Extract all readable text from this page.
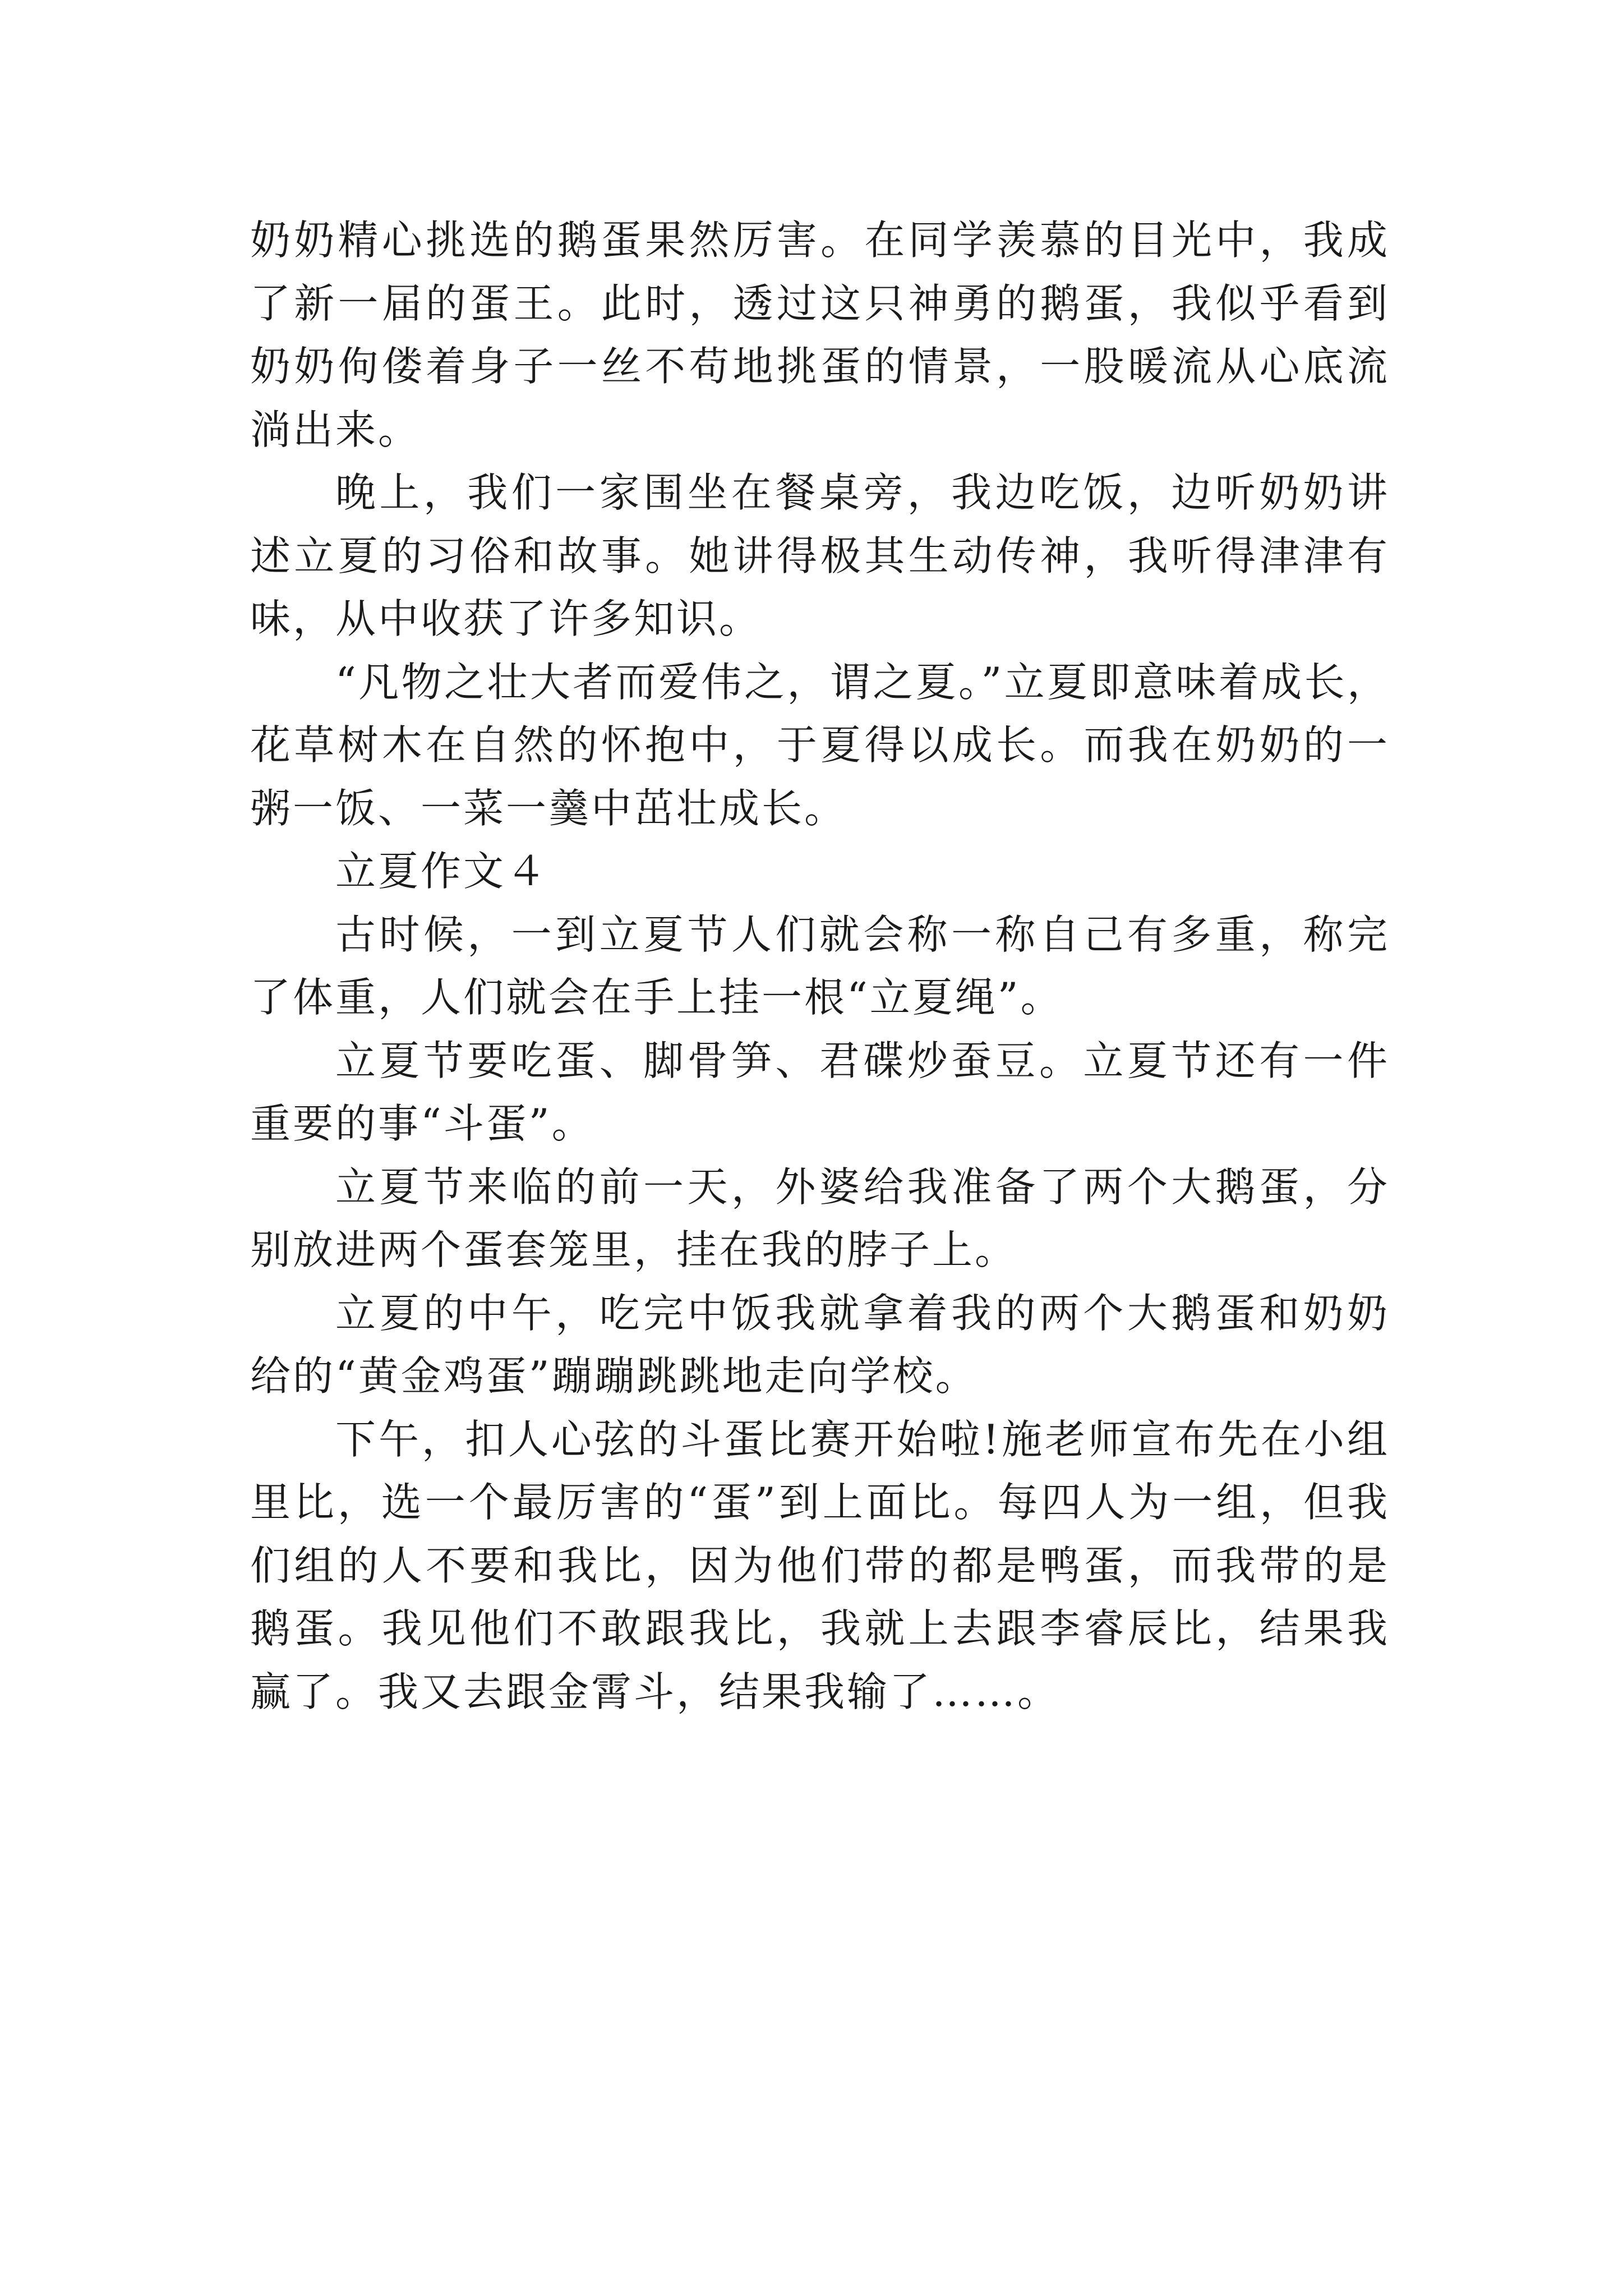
奶奶精心挑选的鹅蛋果然厉害。在同学羡慕的目光中，我成了新一届的蛋王。此时，透过这只神勇的鹅蛋，我似乎看到奶奶佝偻着身子一丝不苟地挑蛋的情景，一股暖流从心底流淌出来。

晚上，我们一家围坐在餐桌旁，我边吃饭，边听奶奶讲述立夏的习俗和故事。她讲得极其生动传神，我听得津津有味，从中收获了许多知识。

“凡物之壮大者而爱伟之，谓之夏。”立夏即意味着成长，花草树木在自然的怀抱中，于夏得以成长。而我在奶奶的一粥一饭、一菜一羹中茁壮成长。

立夏作文４

古时候，一到立夏节人们就会称一称自己有多重，称完了体重，人们就会在手上挂一根“立夏绳”。

立夏节要吃蛋、脚骨笋、君碟炒蚕豆。立夏节还有一件重要的事“斗蛋”。

立夏节来临的前一天，外婆给我准备了两个大鹅蛋，分别放进两个蛋套笼里，挂在我的脖子上。

立夏的中午，吃完中饭我就拿着我的两个大鹅蛋和奶奶给的“黄金鸡蛋”蹦蹦跳跳地走向学校。

下午，扣人心弦的斗蛋比赛开始啦!施老师宣布先在小组里比，选一个最厉害的“蛋”到上面比。每四人为一组，但我们组的人不要和我比，因为他们带的都是鸭蛋，而我带的是鹅蛋。我见他们不敢跟我比，我就上去跟李睿辰比，结果我赢了。我又去跟金霄斗，结果我输了……。
